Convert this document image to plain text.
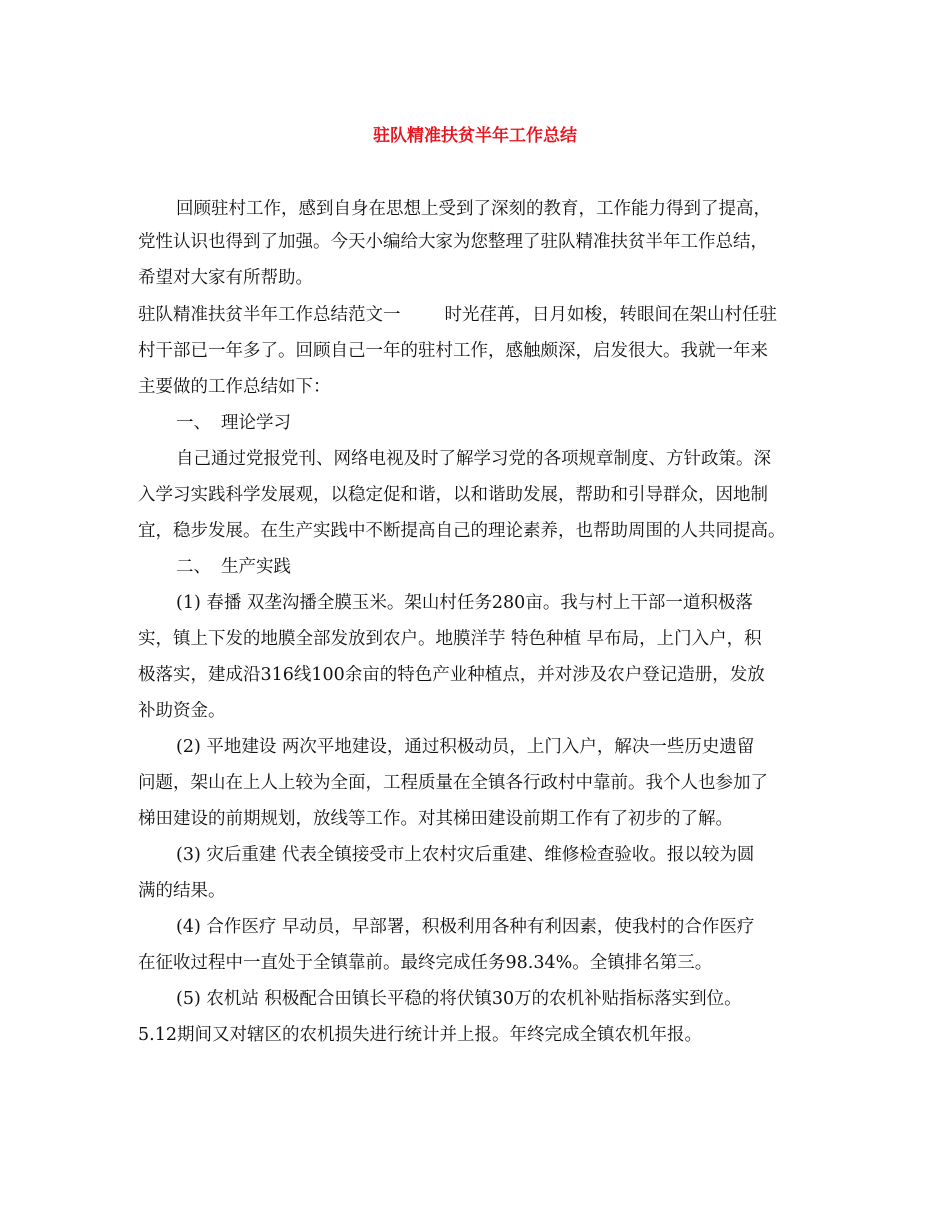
驻队精准扶贫半年工作总结
回顾驻村工作，感到自身在思想上受到了深刻的教育，工作能力得到了提高，
党性认识也得到了加强。今天小编给大家为您整理了驻队精准扶贫半年工作总结，
希望对大家有所帮助。
驻队精准扶贫半年工作总结范文一	时光荏苒，日月如梭，转眼间在架山村任驻
村干部已一年多了。回顾自己一年的驻村工作，感触颇深，启发很大。我就一年来
主要做的工作总结如下：
一、 理论学习
自己通过党报党刊、网络电视及时了解学习党的各项规章制度、方针政策。深
入学习实践科学发展观，以稳定促和谐，以和谐助发展，帮助和引导群众，因地制
宜，稳步发展。在生产实践中不断提高自己的理论素养，也帮助周围的人共同提高。
二、 生产实践
(1) 春播 双垄沟播全膜玉米。架山村任务280亩。我与村上干部一道积极落
实，镇上下发的地膜全部发放到农户。地膜洋芋 特色种植 早布局，上门入户，积
极落实，建成沿316线100余亩的特色产业种植点，并对涉及农户登记造册，发放
补助资金。
(2) 平地建设 两次平地建设，通过积极动员，上门入户，解决一些历史遗留
问题，架山在上人上较为全面，工程质量在全镇各行政村中靠前。我个人也参加了
梯田建设的前期规划，放线等工作。对其梯田建设前期工作有了初步的了解。
(3) 灾后重建 代表全镇接受市上农村灾后重建、维修检查验收。报以较为圆
满的结果。
(4) 合作医疗 早动员，早部署，积极利用各种有利因素，使我村的合作医疗
在征收过程中一直处于全镇靠前。最终完成任务98.34%。全镇排名第三。
(5) 农机站 积极配合田镇长平稳的将伏镇30万的农机补贴指标落实到位。
5.12期间又对辖区的农机损失进行统计并上报。年终完成全镇农机年报。
